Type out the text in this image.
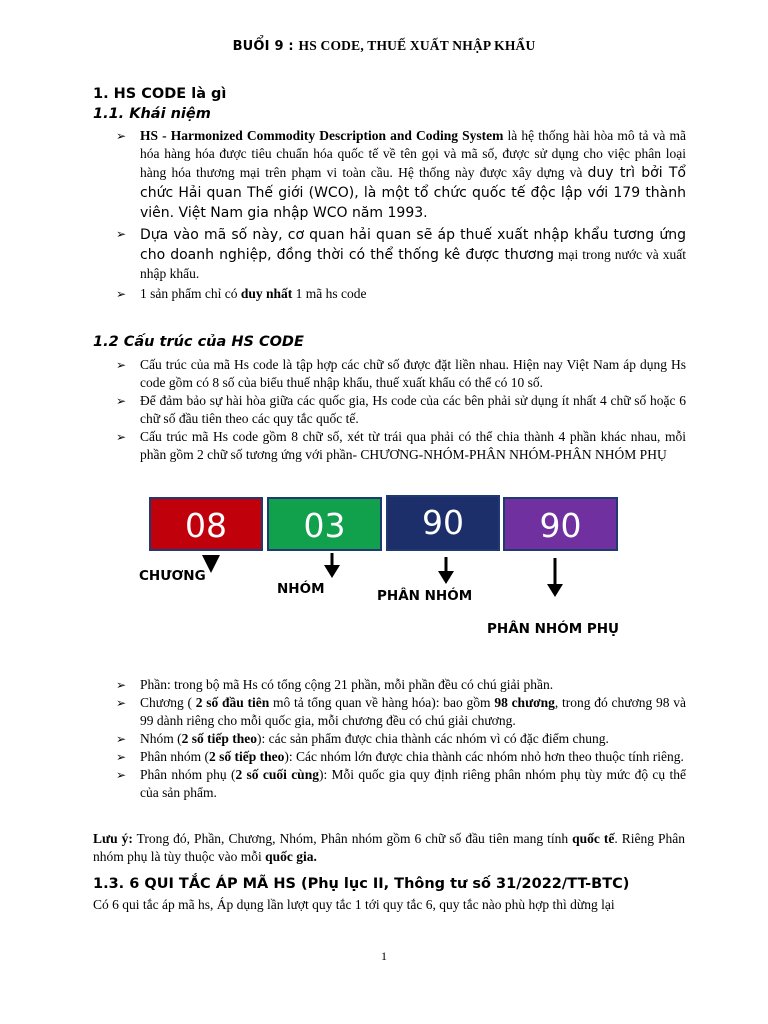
BUỔI 9 : HS CODE, THUẾ XUẤT NHẬP KHẨU
1. HS CODE là gì
1.1. Khái niệm
➢ HS - Harmonized Commodity Description and Coding System là hệ thống hài hòa mô tả và mã hóa hàng hóa được tiêu chuẩn hóa quốc tế về tên gọi và mã số, được sử dụng cho việc phân loại hàng hóa thương mại trên phạm vi toàn cầu. Hệ thống này được xây dựng và duy trì bởi Tổ chức Hải quan Thế giới (WCO), là một tổ chức quốc tế độc lập với 179 thành viên. Việt Nam gia nhập WCO năm 1993.
➢ Dựa vào mã số này, cơ quan hải quan sẽ áp thuế xuất nhập khẩu tương ứng cho doanh nghiệp, đồng thời có thể thống kê được thương mại trong nước và xuất nhập khẩu.
➢ 1 sản phẩm chỉ có duy nhất 1 mã hs code
1.2 Cấu trúc của HS CODE
➢ Cấu trúc của mã Hs code là tập hợp các chữ số được đặt liền nhau. Hiện nay Việt Nam áp dụng Hs code gồm có 8 số của biểu thuế nhập khẩu, thuế xuất khẩu có thể có 10 số.
➢ Để đảm bảo sự hài hòa giữa các quốc gia, Hs code của các bên phải sử dụng ít nhất 4 chữ số hoặc 6 chữ số đầu tiên theo các quy tắc quốc tế.
➢ Cấu trúc mã Hs code gồm 8 chữ số, xét từ trái qua phải có thể chia thành 4 phần khác nhau, mỗi phần gồm 2 chữ số tương ứng với phần- CHƯƠNG-NHÓM-PHÂN NHÓM-PHÂN NHÓM PHỤ
08	03	90	90
CHƯƠNG
NHÓM	PHÂN NHÓM
PHÂN NHÓM PHỤ
➢ Phần: trong bộ mã Hs có tổng cộng 21 phần, mỗi phần đều có chú giải phần.
➢ Chương ( 2 số đầu tiên mô tả tổng quan về hàng hóa): bao gồm 98 chương, trong đó chương 98 và 99 dành riêng cho mỗi quốc gia, mỗi chương đều có chú giải chương.
➢ Nhóm (2 số tiếp theo): các sản phẩm được chia thành các nhóm vì có đặc điểm chung.
➢ Phân nhóm (2 số tiếp theo): Các nhóm lớn được chia thành các nhóm nhỏ hơn theo thuộc tính riêng.
➢ Phân nhóm phụ (2 số cuối cùng): Mỗi quốc gia quy định riêng phân nhóm phụ tùy mức độ cụ thể của sản phẩm.
Lưu ý: Trong đó, Phần, Chương, Nhóm, Phân nhóm gồm 6 chữ số đầu tiên mang tính quốc tế. Riêng Phân nhóm phụ là tùy thuộc vào mỗi quốc gia.
1.3. 6 QUI TẮC ÁP MÃ HS (Phụ lục II, Thông tư số 31/2022/TT-BTC)
Có 6 qui tắc áp mã hs, Áp dụng lần lượt quy tắc 1 tới quy tắc 6, quy tắc nào phù hợp thì dừng lại
1
